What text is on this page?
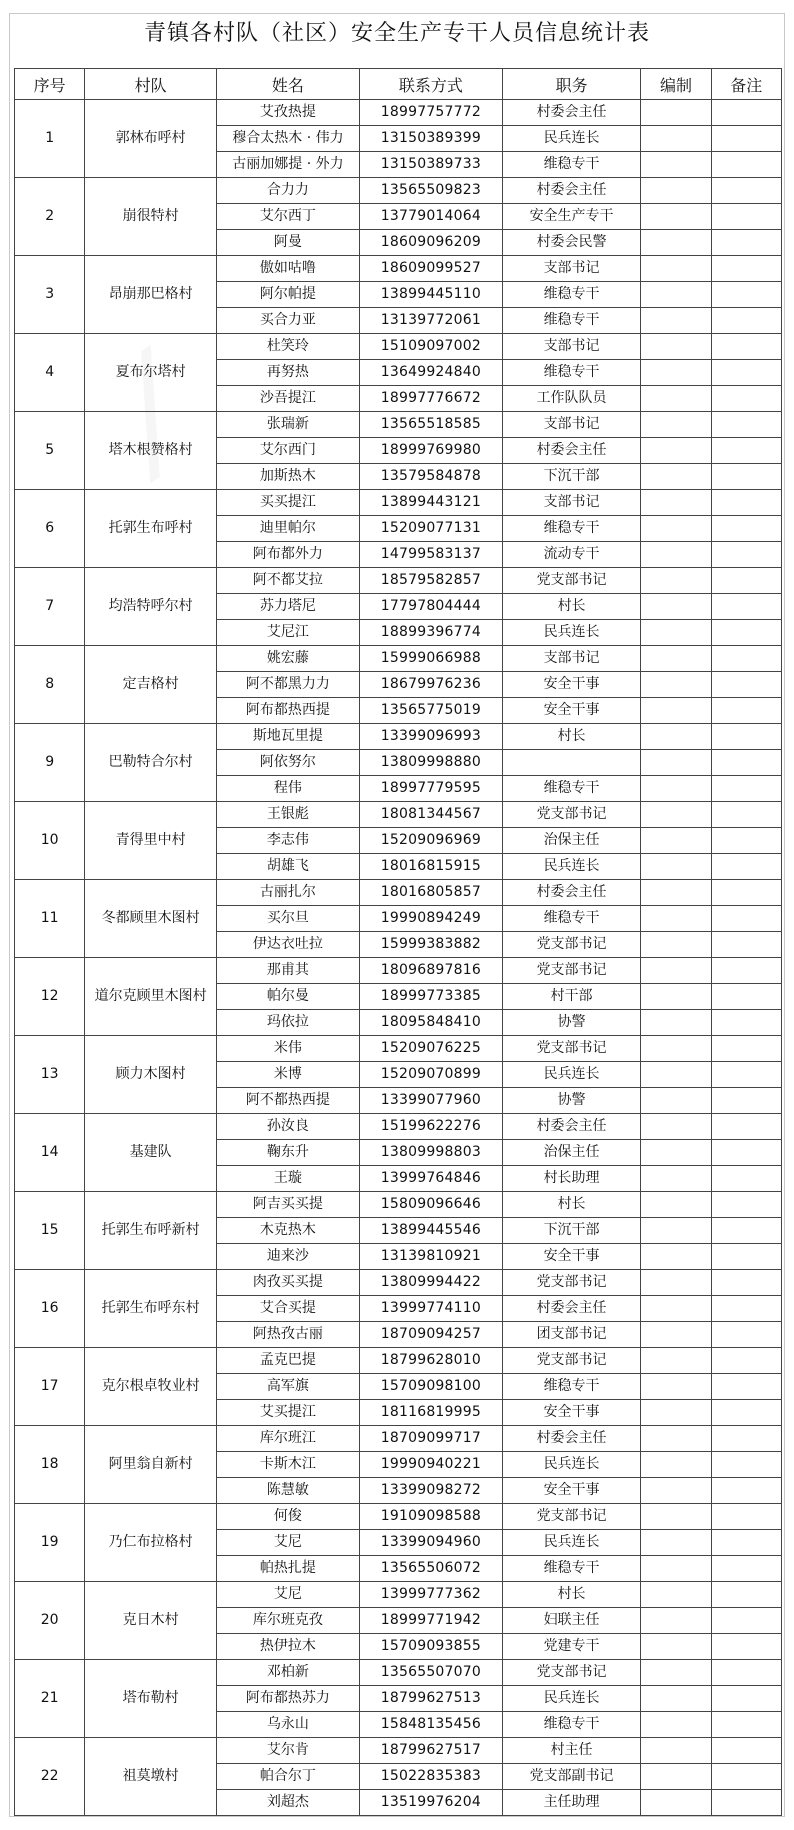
青镇各村队（社区）安全生产专干人员信息统计表
序号	村队	姓名	联系方式	职务	编制	备注
1	郭林布呼村	艾孜热提	18997757772	村委会主任		
		穆合太热木 · 伟力	13150389399	民兵连长		
		古丽加娜提 · 外力	13150389733	维稳专干		
2	崩很特村	合力力	13565509823	村委会主任		
		艾尔西丁	13779014064	安全生产专干		
		阿曼	18609096209	村委会民警		
3	昂崩那巴格村	傲如咕噜	18609099527	支部书记		
		阿尔帕提	13899445110	维稳专干		
		买合力亚	13139772061	维稳专干		
4	夏布尔塔村	杜笑玲	15109097002	支部书记		
		再努热	13649924840	维稳专干		
		沙吾提江	18997776672	工作队队员		
5	塔木根赞格村	张瑞新	13565518585	支部书记		
		艾尔西门	18999769980	村委会主任		
		加斯热木	13579584878	下沉干部		
6	托郭生布呼村	买买提江	13899443121	支部书记		
		迪里帕尔	15209077131	维稳专干		
		阿布都外力	14799583137	流动专干		
7	均浩特呼尔村	阿不都艾拉	18579582857	党支部书记		
		苏力塔尼	17797804444	村长		
		艾尼江	18899396774	民兵连长		
8	定吉格村	姚宏藤	15999066988	支部书记		
		阿不都黑力力	18679976236	安全干事		
		阿布都热西提	13565775019	安全干事		
9	巴勒特合尔村	斯地瓦里提	13399096993	村长		
		阿依努尔	13809998880			
		程伟	18997779595	维稳专干		
10	青得里中村	王银彪	18081344567	党支部书记		
		李志伟	15209096969	治保主任		
		胡雄飞	18016815915	民兵连长		
11	冬都顾里木图村	古丽扎尔	18016805857	村委会主任		
		买尔旦	19990894249	维稳专干		
		伊达衣吐拉	15999383882	党支部书记		
12	道尔克顾里木图村	那甫其	18096897816	党支部书记		
		帕尔曼	18999773385	村干部		
		玛依拉	18095848410	协警		
13	顾力木图村	米伟	15209076225	党支部书记		
		米博	15209070899	民兵连长		
		阿不都热西提	13399077960	协警		
14	基建队	孙汝良	15199622276	村委会主任		
		鞠东升	13809998803	治保主任		
		王璇	13999764846	村长助理		
15	托郭生布呼新村	阿吉买买提	15809096646	村长		
		木克热木	13899445546	下沉干部		
		迪来沙	13139810921	安全干事		
16	托郭生布呼东村	肉孜买买提	13809994422	党支部书记		
		艾合买提	13999774110	村委会主任		
		阿热孜古丽	18709094257	团支部书记		
17	克尔根卓牧业村	孟克巴提	18799628010	党支部书记		
		高军旗	15709098100	维稳专干		
		艾买提江	18116819995	安全干事		
18	阿里翁自新村	库尔班江	18709099717	村委会主任		
		卡斯木江	19990940221	民兵连长		
		陈慧敏	13399098272	安全干事		
19	乃仁布拉格村	何俊	19109098588	党支部书记		
		艾尼	13399094960	民兵连长		
		帕热扎提	13565506072	维稳专干		
20	克日木村	艾尼	13999777362	村长		
		库尔班克孜	18999771942	妇联主任		
		热伊拉木	15709093855	党建专干		
21	塔布勒村	邓柏新	13565507070	党支部书记		
		阿布都热苏力	18799627513	民兵连长		
		乌永山	15848135456	维稳专干		
22	祖莫墩村	艾尔肯	18799627517	村主任		
		帕合尔丁	15022835383	党支部副书记		
		刘超杰	13519976204	主任助理		
